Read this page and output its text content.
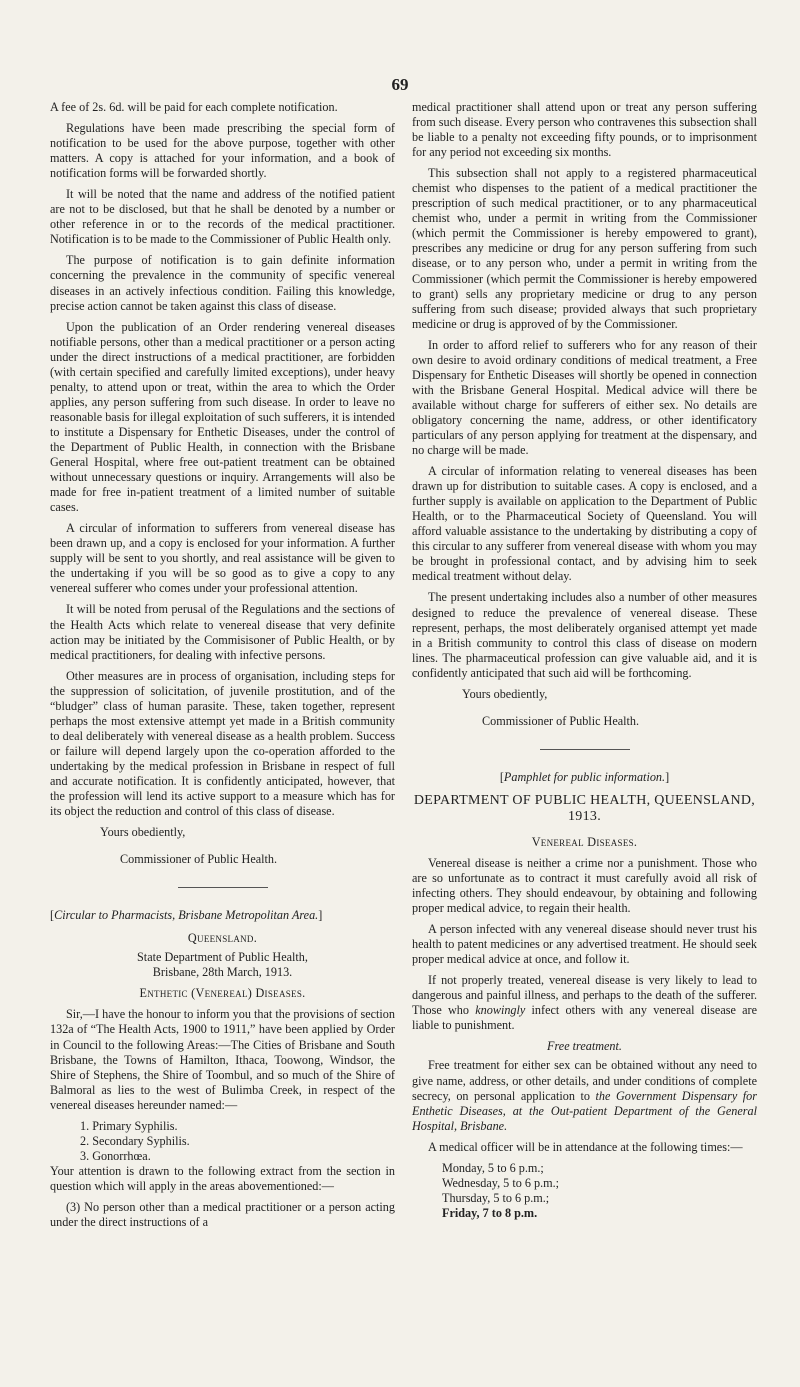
69

A fee of 2s. 6d. will be paid for each complete notification.

Regulations have been made prescribing the special form of notification to be used for the above purpose, together with other matters. A copy is attached for your information, and a book of notification forms will be forwarded shortly.

It will be noted that the name and address of the notified patient are not to be disclosed, but that he shall be denoted by a number or other reference in or to the records of the medical practitioner. Notification is to be made to the Commissioner of Public Health only.

The purpose of notification is to gain definite information concerning the prevalence in the community of specific venereal diseases in an actively infectious condition. Failing this knowledge, precise action cannot be taken against this class of disease.

Upon the publication of an Order rendering venereal diseases notifiable persons, other than a medical practitioner or a person acting under the direct instructions of a medical practitioner, are forbidden (with certain specified and carefully limited exceptions), under heavy penalty, to attend upon or treat, within the area to which the Order applies, any person suffering from such disease. In order to leave no reasonable basis for illegal exploitation of such sufferers, it is intended to institute a Dispensary for Enthetic Diseases, under the control of the Department of Public Health, in connection with the Brisbane General Hospital, where free out-patient treatment can be obtained without unnecessary questions or inquiry. Arrangements will also be made for free in-patient treatment of a limited number of suitable cases.

A circular of information to sufferers from venereal disease has been drawn up, and a copy is enclosed for your information. A further supply will be sent to you shortly, and real assistance will be given to the undertaking if you will be so good as to give a copy to any venereal sufferer who comes under your professional attention.

It will be noted from perusal of the Regulations and the sections of the Health Acts which relate to venereal disease that very definite action may be initiated by the Commisisoner of Public Health, or by medical practitioners, for dealing with infective persons.

Other measures are in process of organisation, including steps for the suppression of solicitation, of juvenile prostitution, and of the “bludger” class of human parasite. These, taken together, represent perhaps the most extensive attempt yet made in a British community to deal deliberately with venereal disease as a health problem. Success or failure will depend largely upon the co-operation afforded to the undertaking by the medical profession in Brisbane in respect of full and accurate notification. It is confidently anticipated, however, that the profession will lend its active support to a measure which has for its object the reduction and control of this class of disease.

Yours obediently,

Commissioner of Public Health.

[Circular to Pharmacists, Brisbane Metropolitan Area.]

Queensland.

State Department of Public Health,

Brisbane, 28th March, 1913.

Enthetic (Venereal) Diseases.

Sir,—I have the honour to inform you that the provisions of section 132a of “The Health Acts, 1900 to 1911,” have been applied by Order in Council to the following Areas:—The Cities of Brisbane and South Brisbane, the Towns of Hamilton, Ithaca, Toowong, Windsor, the Shire of Stephens, the Shire of Toombul, and so much of the Shire of Balmoral as lies to the west of Bulimba Creek, in respect of the venereal diseases hereunder named:—

1. Primary Syphilis.

2. Secondary Syphilis.

3. Gonorrhœa.

Your attention is drawn to the following extract from the section in question which will apply in the areas abovementioned:—

(3) No person other than a medical practitioner or a person acting under the direct instructions of a

medical practitioner shall attend upon or treat any person suffering from such disease. Every person who contravenes this subsection shall be liable to a penalty not exceeding fifty pounds, or to imprisonment for any period not exceeding six months.

This subsection shall not apply to a registered pharmaceutical chemist who dispenses to the patient of a medical practitioner the prescription of such medical practitioner, or to any pharmaceutical chemist who, under a permit in writing from the Commissioner (which permit the Commissioner is hereby empowered to grant), prescribes any medicine or drug for any person suffering from such disease, or to any person who, under a permit in writing from the Commissioner (which permit the Commissioner is hereby empowered to grant) sells any proprietary medicine or drug to any person suffering from such disease; provided always that such proprietary medicine or drug is approved of by the Commissioner.

In order to afford relief to sufferers who for any reason of their own desire to avoid ordinary conditions of medical treatment, a Free Dispensary for Enthetic Diseases will shortly be opened in connection with the Brisbane General Hospital. Medical advice will there be available without charge for sufferers of either sex. No details are obligatory concerning the name, address, or other identificatory particulars of any person applying for treatment at the dispensary, and no charge will be made.

A circular of information relating to venereal diseases has been drawn up for distribution to suitable cases. A copy is enclosed, and a further supply is available on application to the Department of Public Health, or to the Pharmaceutical Society of Queensland. You will afford valuable assistance to the undertaking by distributing a copy of this circular to any sufferer from venereal disease with whom you may be brought in professional contact, and by advising him to seek medical treatment without delay.

The present undertaking includes also a number of other measures designed to reduce the prevalence of venereal disease. These represent, perhaps, the most deliberately organised attempt yet made in a British community to control this class of disease on modern lines. The pharmaceutical profession can give valuable aid, and it is confidently anticipated that such aid will be forthcoming.

Yours obediently,

Commissioner of Public Health.

[Pamphlet for public information.]

DEPARTMENT OF PUBLIC HEALTH, QUEENSLAND, 1913.

Venereal Diseases.

Venereal disease is neither a crime nor a punishment. Those who are so unfortunate as to contract it must carefully avoid all risk of infecting others. They should endeavour, by obtaining and following proper medical advice, to regain their health.

A person infected with any venereal disease should never trust his health to patent medicines or any advertised treatment. He should seek proper medical advice at once, and follow it.

If not properly treated, venereal disease is very likely to lead to dangerous and painful illness, and perhaps to the death of the sufferer. Those who knowingly infect others with any venereal disease are liable to punishment.

Free treatment.

Free treatment for either sex can be obtained without any need to give name, address, or other details, and under conditions of complete secrecy, on personal application to the Government Dispensary for Enthetic Diseases, at the Out-patient Department of the General Hospital, Brisbane.

A medical officer will be in attendance at the following times:—

Monday, 5 to 6 p.m.;

Wednesday, 5 to 6 p.m.;

Thursday, 5 to 6 p.m.;

Friday, 7 to 8 p.m.
